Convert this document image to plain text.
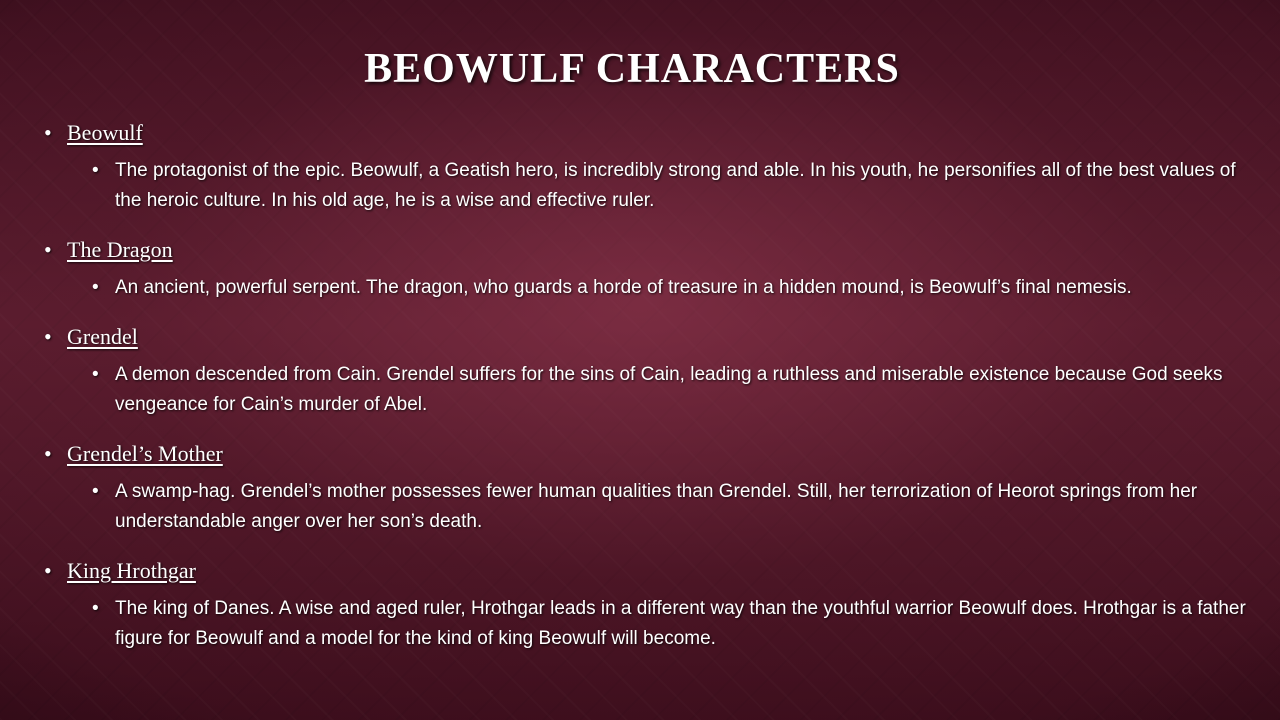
BEOWULF CHARACTERS
• Beowulf
• The protagonist of the epic. Beowulf, a Geatish hero, is incredibly strong and able. In his youth, he personifies all of the best values of the heroic culture. In his old age, he is a wise and effective ruler.
• The Dragon
• An ancient, powerful serpent. The dragon, who guards a horde of treasure in a hidden mound, is Beowulf’s final nemesis.
• Grendel
• A demon descended from Cain. Grendel suffers for the sins of Cain, leading a ruthless and miserable existence because God seeks vengeance for Cain’s murder of Abel.
• Grendel’s Mother
• A swamp-hag. Grendel’s mother possesses fewer human qualities than Grendel. Still, her terrorization of Heorot springs from her understandable anger over her son’s death.
• King Hrothgar
• The king of Danes. A wise and aged ruler, Hrothgar leads in a different way than the youthful warrior Beowulf does. Hrothgar is a father figure for Beowulf and a model for the kind of king Beowulf will become.
